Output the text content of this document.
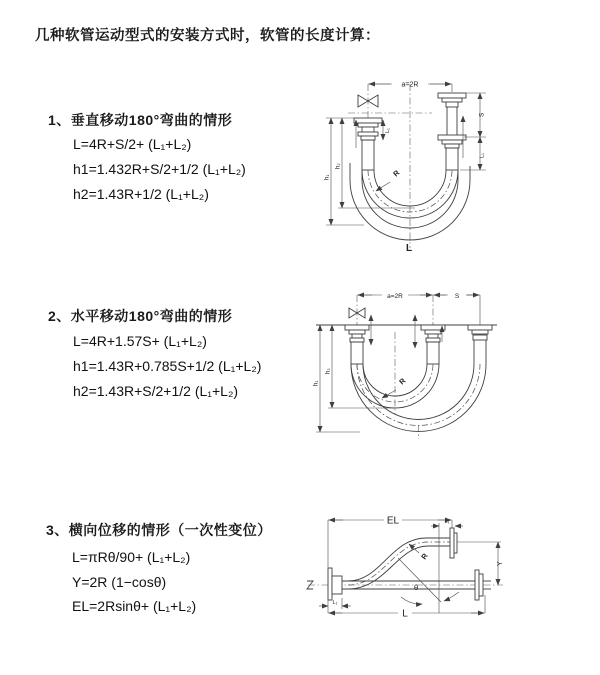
几种软管运动型式的安装方式时，软管的长度计算：
1、垂直移动180°弯曲的情形
L=4R+S/2+ (L₁+L₂)
h1=1.432R+S/2+1/2 (L₁+L₂)
h2=1.43R+1/2 (L₁+L₂)
2、水平移动180°弯曲的情形
L=4R+1.57S+ (L₁+L₂)
h1=1.43R+0.785S+1/2 (L₁+L₂)
h2=1.43R+S/2+1/2 (L₁+L₂)
3、横向位移的情形（一次性变位）
L=πRθ/90+ (L₁+L₂)
Y=2R (1−cosθ)
EL=2Rsinθ+ (L₁+L₂)
a=2R
h₁
h₂
S
L₁
L₁
R
L
a=2R	S
h₁
h₂
R
EL	L₁
Y
L
L₁
θ
R
